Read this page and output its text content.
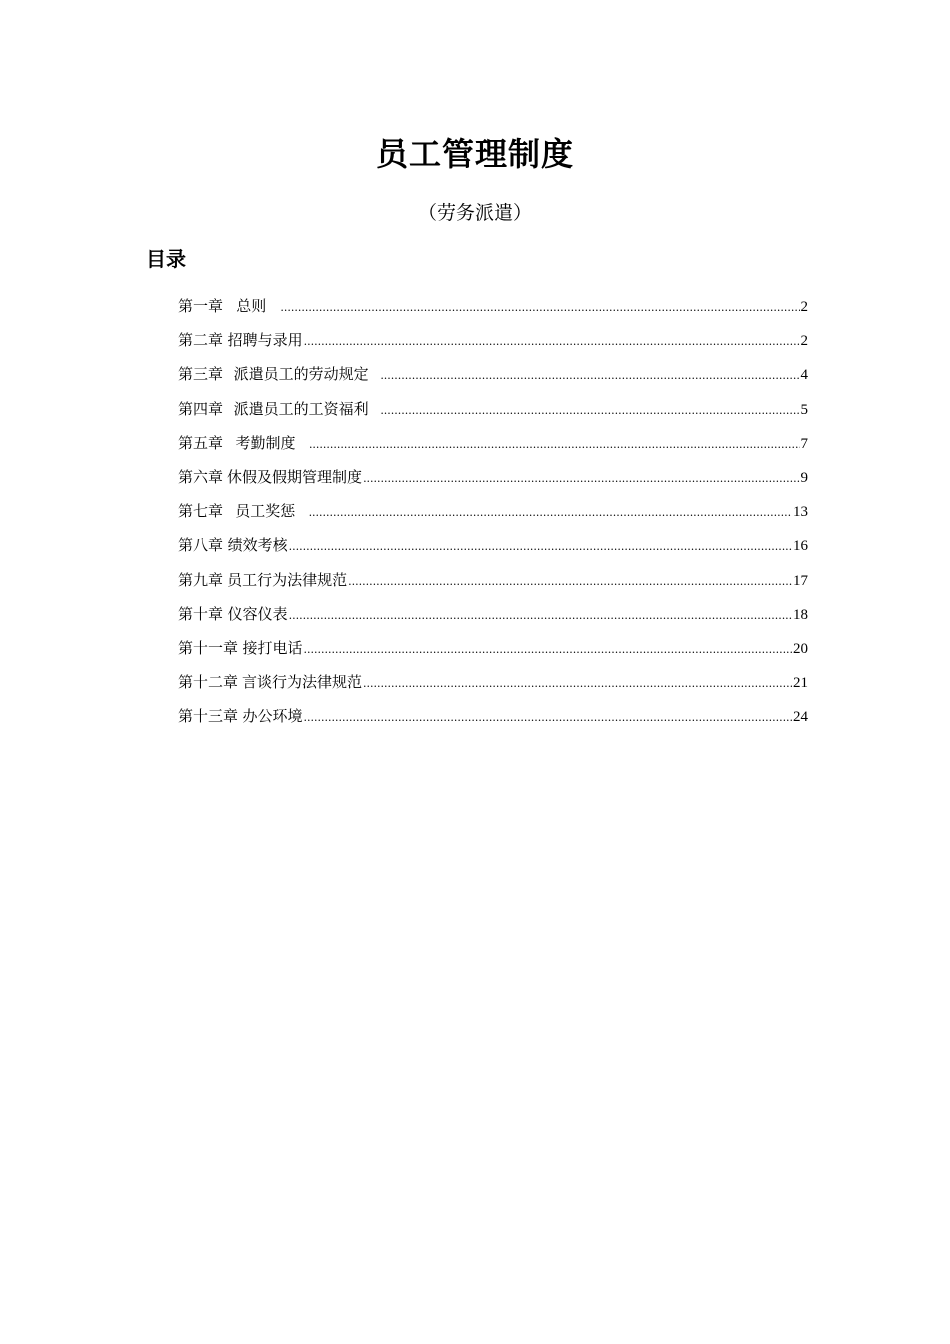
员工管理制度
（劳务派遣）
目录
第一章 总则 .....	2
第二章 招聘与录用 .....	2
第三章 派遣员工的劳动规定 .....	4
第四章 派遣员工的工资福利 .....	5
第五章 考勤制度 .....	7
第六章 休假及假期管理制度 .....	9
第七章 员工奖惩 .....	13
第八章 绩效考核 .....	16
第九章 员工行为法律规范 .....	17
第十章 仪容仪表 .....	18
第十一章 接打电话 .....	20
第十二章 言谈行为法律规范 .....	21
第十三章 办公环境 .....	24
